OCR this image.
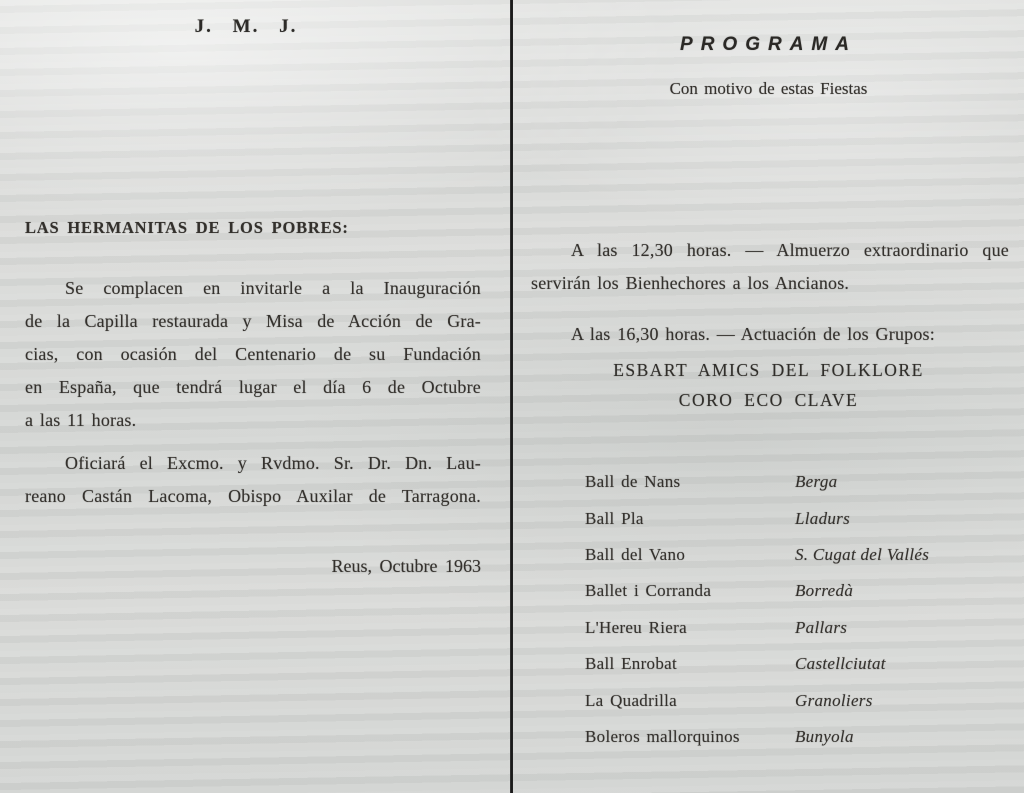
J. M. J.
LAS HERMANITAS DE LOS POBRES:
Se complacen en invitarle a la Inauguración
de la Capilla restaurada y Misa de Acción de Gra-
cias, con ocasión del Centenario de su Fundación
en España, que tendrá lugar el día 6 de Octubre
a las 11 horas.
Oficiará el Excmo. y Rvdmo. Sr. Dr. Dn. Lau-
reano Castán Lacoma, Obispo Auxilar de Tarragona.
Reus, Octubre 1963
PROGRAMA
Con motivo de estas Fiestas
A las 12,30 horas. — Almuerzo extraordinario que
servirán los Bienhechores a los Ancianos.
A las 16,30 horas. — Actuación de los Grupos:
ESBART AMICS DEL FOLKLORE
CORO ECO CLAVE
Ball de Nans	Berga
Ball Pla	Lladurs
Ball del Vano	S. Cugat del Vallés
Ballet i Corranda	Borredà
L'Hereu Riera	Pallars
Ball Enrobat	Castellciutat
La Quadrilla	Granoliers
Boleros mallorquinos	Bunyola
